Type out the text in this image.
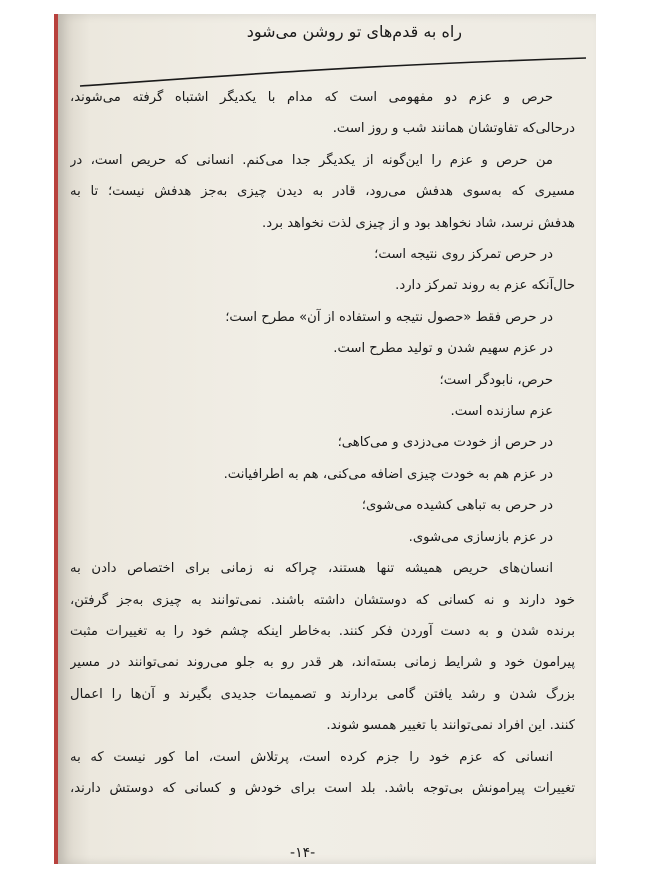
راه به قدم‌های تو روشن می‌شود
حرص و عزم دو مفهومی است که مدام با یکدیگر اشتباه گرفته می‌شوند،
درحالی‌که تفاوتشان همانند شب و روز است.
من حرص و عزم را این‌گونه از یکدیگر جدا می‌کنم. انسانی که حریص است، در
مسیری که به‌سوی هدفش می‌رود، قادر به دیدن چیزی به‌جز هدفش نیست؛ تا به
هدفش نرسد، شاد نخواهد بود و از چیزی لذت نخواهد برد.
در حرص تمرکز روی نتیجه است؛
حال‌آنکه عزم به روند تمرکز دارد.
در حرص فقط «حصول نتیجه و استفاده از آن» مطرح است؛
در عزم سهیم شدن و تولید مطرح است.
حرص، نابودگر است؛
عزم سازنده است.
در حرص از خودت می‌دزدی و می‌کاهی؛
در عزم هم به خودت چیزی اضافه می‌کنی، هم به اطرافیانت.
در حرص به تباهی کشیده می‌شوی؛
در عزم بازسازی می‌شوی.
انسان‌های حریص همیشه تنها هستند، چراکه نه زمانی برای اختصاص دادن به
خود دارند و نه کسانی که دوستشان داشته باشند. نمی‌توانند به چیزی به‌جز گرفتن،
برنده شدن و به دست آوردن فکر کنند. به‌خاطر اینکه چشم خود را به تغییرات مثبت
پیرامون خود و شرایط زمانی بسته‌اند، هر قدر رو به جلو می‌روند نمی‌توانند در مسیر
بزرگ شدن و رشد یافتن گامی بردارند و تصمیمات جدیدی بگیرند و آن‌ها را اعمال
کنند. این افراد نمی‌توانند با تغییر همسو شوند.
انسانی که عزم خود را جزم کرده است، پرتلاش است، اما کور نیست که به
تغییرات پیرامونش بی‌توجه باشد. بلد است برای خودش و کسانی که دوستش دارند،
-۱۴-
